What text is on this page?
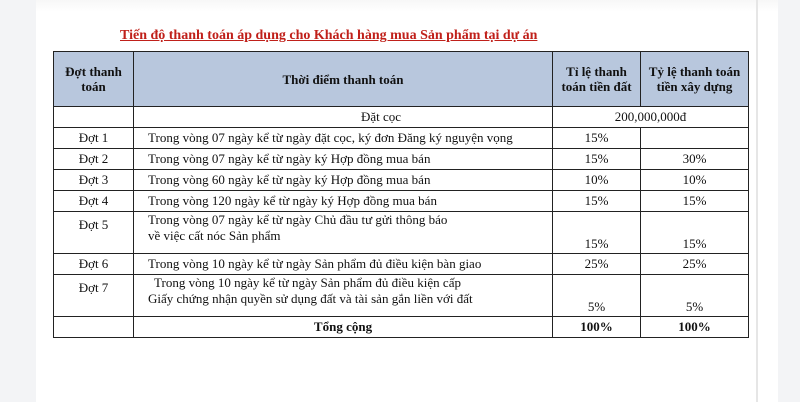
Tiến độ thanh toán áp dụng cho Khách hàng mua Sản phẩm tại dự án
Đợt thanh toán	Thời điểm thanh toán	Tỉ lệ thanh toán tiền đất	Tỷ lệ thanh toán tiền xây dựng
	Đặt cọc	200,000,000đ	
Đợt 1	Trong vòng 07 ngày kể từ ngày đặt cọc, ký đơn Đăng ký nguyện vọng	15%	
Đợt 2	Trong vòng 07 ngày kể từ ngày ký Hợp đồng mua bán	15%	30%
Đợt 3	Trong vòng 60 ngày kể từ ngày ký Hợp đồng mua bán	10%	10%
Đợt 4	Trong vòng 120 ngày kể từ ngày ký Hợp đồng mua bán	15%	15%
Đợt 5	Trong vòng 07 ngày kể từ ngày Chủ đầu tư gửi thông báo
về việc cất nóc Sản phẩm	15%	15%
Đợt 6	Trong vòng 10 ngày kể từ ngày Sản phẩm đủ điều kiện bàn giao	25%	25%
Đợt 7	Trong vòng 10 ngày kể từ ngày Sản phẩm đủ điều kiện cấp
Giấy chứng nhận quyền sử dụng đất và tài sản gắn liền với đất	5%	5%
	Tổng cộng	100%	100%
